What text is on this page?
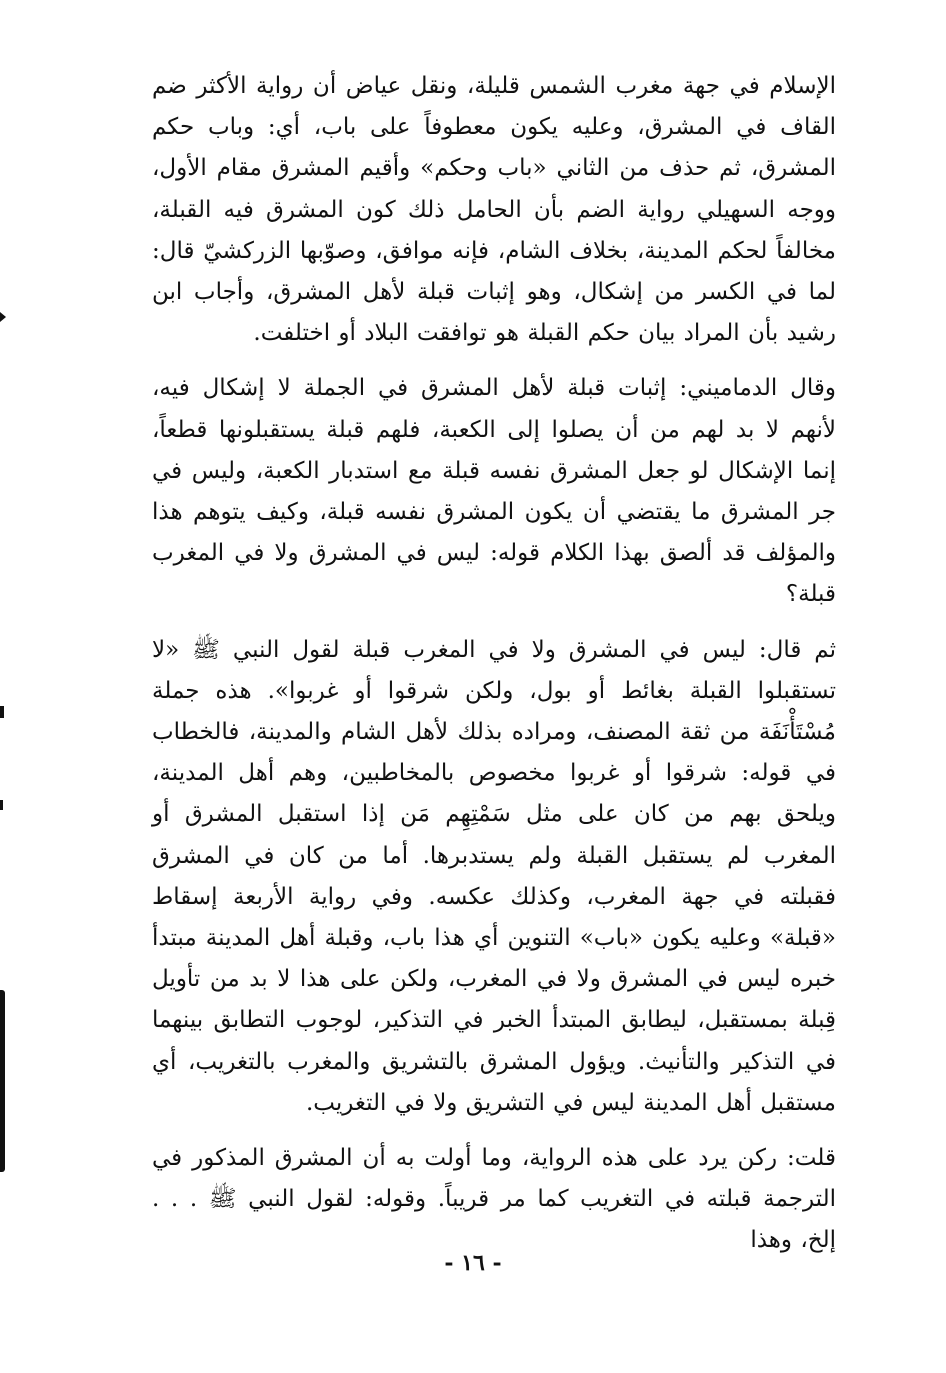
الإسلام في جهة مغرب الشمس قليلة، ونقل عياض أن رواية الأكثر ضم القاف في المشرق، وعليه يكون معطوفاً على باب، أي: وباب حكم المشرق، ثم حذف من الثاني «باب وحكم» وأقيم المشرق مقام الأول، ووجه السهيلي رواية الضم بأن الحامل ذلك كون المشرق فيه القبلة، مخالفاً لحكم المدينة، بخلاف الشام، فإنه موافق، وصوّبها الزركشيّ قال: لما في الكسر من إشكال، وهو إثبات قبلة لأهل المشرق، وأجاب ابن رشيد بأن المراد بيان حكم القبلة هو توافقت البلاد أو اختلفت.

وقال الدماميني: إثبات قبلة لأهل المشرق في الجملة لا إشكال فيه، لأنهم لا بد لهم من أن يصلوا إلى الكعبة، فلهم قبلة يستقبلونها قطعاً، إنما الإشكال لو جعل المشرق نفسه قبلة مع استدبار الكعبة، وليس في جر المشرق ما يقتضي أن يكون المشرق نفسه قبلة، وكيف يتوهم هذا والمؤلف قد ألصق بهذا الكلام قوله: ليس في المشرق ولا في المغرب قبلة؟

ثم قال: ليس في المشرق ولا في المغرب قبلة لقول النبي ﷺ «لا تستقبلوا القبلة بغائط أو بول، ولكن شرقوا أو غربوا». هذه جملة مُسْتَأْنَفَة من ثقة المصنف، ومراده بذلك لأهل الشام والمدينة، فالخطاب في قوله: شرقوا أو غربوا مخصوص بالمخاطبين، وهم أهل المدينة، ويلحق بهم من كان على مثل سَمْتِهِم مَن إذا استقبل المشرق أو المغرب لم يستقبل القبلة ولم يستدبرها. أما من كان في المشرق فقبلته في جهة المغرب، وكذلك عكسه. وفي رواية الأربعة إسقاط «قبلة» وعليه يكون «باب» التنوين أي هذا باب، وقبلة أهل المدينة مبتدأ خبره ليس في المشرق ولا في المغرب، ولكن على هذا لا بد من تأويل قِبلة بمستقبل، ليطابق المبتدأ الخبر في التذكير، لوجوب التطابق بينهما في التذكير والتأنيث. ويؤول المشرق بالتشريق والمغرب بالتغريب، أي مستقبل أهل المدينة ليس في التشريق ولا في التغريب.

قلت: ركن يرد على هذه الرواية، وما أولت به أن المشرق المذكور في الترجمة قبلته في التغريب كما مر قريباً. وقوله: لقول النبي ﷺ . . . إلخ، وهذا

- ١٦ -
